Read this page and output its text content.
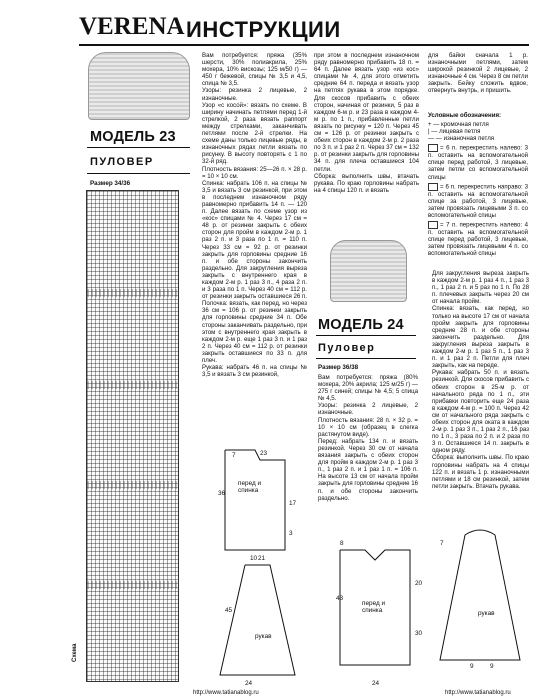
VERENA ИНСТРУКЦИИ
МОДЕЛЬ 23
ПУЛОВЕР
Размер 34/36
Схема
Вам потребуется: пряжа (35% шерсти, 30% полиакрила, 25% мохера, 10% вискозы; 125 м/50 г) — 450 г бежевой, спицы № 3,5 и 4,5, спица № 3,5.
Узоры: резинка 2 лицевые, 2 изнаночные.
Узор «с косой»: вязать по схеме. В ширину начинать петлями перед 1-й стрелкой, 2 раза вязать раппорт между стрелками, заканчивать петлями после 2-й стрелки. На схеме даны только лицевые ряды, в изнаночных рядах петли вязать по рисунку. В высоту повторять с 1 по 32-й ряд.
Плотность вязания: 25—26 п. × 28 р. = 10 × 10 см.
Спинка: набрать 106 п. на спицы № 3,5 и вязать 3 см резинкой, при этом в последнем изнаночном ряду равномерно прибавить 14 п. — 120 п. Далее вязать по схеме узор из «кос» спицами № 4. Через 17 см = 48 р. от резинки закрыть с обеих сторон для пройм в каждом 2-м р. 1 раз 2 п. и 3 раза по 1 п. = 110 п. Через 33 см = 92 р. от резинки закрыть для горловины средние 16 п. и обе стороны закончить раздельно. Для закругления выреза закрыть с внутреннего края в каждом 2-м р. 1 раз 3 п., 4 раза 2 п. и 3 раза по 1 п. Через 40 см = 112 р. от резинки закрыть оставшиеся 26 п.
Полочка: вязать, как перед, но через 36 см = 106 р. от резинки закрыть для горловины средние 34 п. Обе стороны заканчивать раздельно, при этом с внутреннего края закрыть в каждом 2-м р. еще 1 раз 3 п. и 1 раз 2 п. Через 40 см = 112 р. от резинки закрыть оставшиеся по 33 п. для плеч.
Рукава: набрать 46 п. на спицы № 3,5 и вязать 3 см резинкой,
при этом в последнем изнаночном ряду равномерно прибавить 18 п. = 64 п. Далее вязать узор «из кос» спицами № 4, для этого отметить средние 64 п. переда и вязать узор на петлях рукава в этом порядке. Для скосов прибавить с обеих сторон, начиная от резинки, 5 раз в каждом 6-м р. и 23 раза в каждом 4-м р. по 1 п., прибавленные петли вязать по рисунку = 120 п. Через 45 см = 126 р. от резинки закрыть с обеих сторон в каждом 2-м р. 2 раза по 3 п. и 1 раз 2 п. Через 37 см = 132 р. от резинки закрыть для горловины 34 п. для плеча оставшиеся 104 петли.
Сборка: выполнить швы, втачать рукава. По краю горловины набрать на 4 спицы 120 п. и вязать
для байки сначала 1 р. изнаночными петлями, затем широкой резинкой 2 лицевые, 2 изнаночные 4 см. Через 8 см петли закрыть. Бейку сложить вдвое, отвернуть внутрь, и пришить.
Условные обозначения:
+ — кромочная петля
| — лицевая петля
— — изнаночная петля
= 6 п. перекрестить налево: 3 п. оставить на вспомогательной спице перед работой, 3 лицевые, затем петли со вспомогательной спицы
= 6 п. перекрестить направо: 3 п. оставить на вспомогательной спице за работой, 3 лицевые, затем провязать лицевыми 3 п. со вспомогательной спицы
= 7 п. перекрестить налево: 4 п. оставить на вспомогательной спице перед работой, 3 лицевые, затем провязать лицевыми 4 п. со вспомогательной спицы
перед и спинка
7	23
36
17
3
21
рукав
10
45
24
МОДЕЛЬ 24
Пуловер
Размер 36/38
Вам потребуется: пряжа (80% мохера, 20% акрила; 125 м/25 г) — 275 г синей; спицы № 4,5; 5 спица № 4,5.
Узоры: резинка 2 лицевые, 2 изнаночные.
Плотность вязания: 28 п. × 32 р. = 10 × 10 см (образец в слегка растянутом виде).
Перед: набрать 134 п. и вязать резинкой. Через 30 см от начала вязания закрыть с обеих сторон для пройм в каждом 2-м р. 1 раз 3 п., 1 раз 2 п. и 1 раз 1 п. = 106 п. На высоте 13 см от начала пройм закрыть для горловины средние 16 п. и обе стороны закончить раздельно.
Для закругления выреза закрыть в каждом 2-м р. 1 раз 4 п., 1 раз 3 п., 1 раз 2 п. и 5 раз по 1 п. По 28 п. плечевых закрыть через 20 см от начала пройм.
Спинка: вязать, как перед, но только на высоте 17 см от начала пройм закрыть для горловины средние 28 п. и обе стороны закончить раздельно. Для закругления выреза закрыть в каждом 2-м р. 1 раз 5 п., 1 раз 3 п. и 1 раз 2 п. Петли для плеч закрыть, как на переде.
Рукава: набрать 50 п. и вязать резинкой. Для скосов прибавить с обеих сторон в 25-м р. от начального ряда по 1 п., эти прибавки повторить еще 24 раза в каждом 4-м р. = 100 п. Через 42 см от начального ряда закрыть с обеих сторон для оката в каждом 2-м р. 1 раз 3 п., 1 раз 2 п., 16 раз по 1 п., 3 раза по 2 п. и 2 раза по 3 п. Оставшиеся 14 п. закрыть в одном ряду.
Сборка: выполнить швы. По краю горловины набрать на 4 спицы 122 п. и вязать 1 р. изнаночными петлями и 18 см резинкой, затем петли закрыть. Втачать рукава.
перед и спинка
8
43
24
20
30
рукав
9	9
7
http://www.tatianablog.ru	http://www.tatianablog.ru
